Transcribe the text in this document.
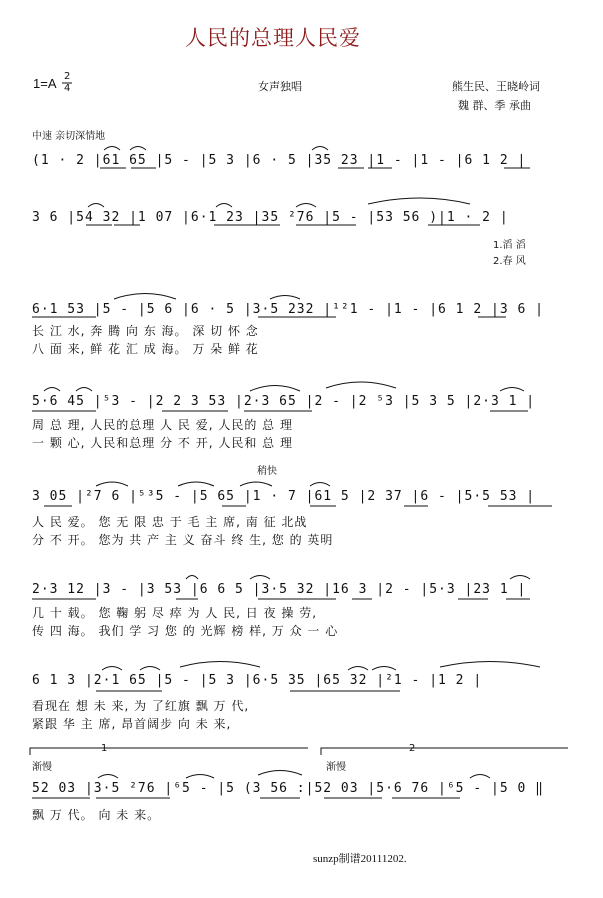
人民的总理人民爱
1=A 2
4	女声独唱	熊生民、王晓岭词
魏 群、季 承曲
中速 亲切深情地
(1 · 2 |61 65 |5 - |5 3 |6 · 5 |35 23 |1 - |1 - |6 1 2 |
3 6 |54 32 |1 07 |6·1 23 |35 ²76 |5 - |53 56 )|1 · 2 |
1.滔 滔
2.春 风
6·1 53 |5 - |5 6 |6 · 5 |3·5 232 |¹²1 - |1 - |6 1 2 |3 6 |
长 江 水, 奔 腾 向 东 海。 深 切 怀 念
八 面 来, 鲜 花 汇 成 海。 万 朵 鲜 花
5·6 45 |⁵3 - |2 2 3 53 |2·3 65 |2 - |2 ⁵3 |5 3 5 |2·3 1 |
周 总 理, 人民的总理 人 民 爱, 人民的 总 理
一 颗 心, 人民和总理 分 不 开, 人民和 总 理
稍快
3 05 |²7 6 |⁵³5 - |5 65 |1 · 7 |61 5 |2 37 |6 - |5·5 53 |
人 民 爱。 您 无 限 忠 于 毛 主 席, 南 征 北战
分 不 开。 您为 共 产 主 义 奋斗 终 生, 您 的 英明
2·3 12 |3 - |3 53 |6 6 5 |3·5 32 |16 3 |2 - |5·3 |23 1 |
几 十 载。 您 鞠 躬 尽 瘁 为 人 民, 日 夜 操 劳,
传 四 海。 我们 学 习 您 的 光辉 榜 样, 万 众 一 心
6 1 3 |2·1 65 |5 - |5 3 |6·5 35 |65 32 |²1 - |1 2 |
看现在 想 未 来, 为 了红旗 飘 万 代,
紧跟 华 主 席, 昂首阔步 向 未 来,
1	2
渐慢	渐慢
52 03 |3·5 ²76 |⁶5 - |5 (3 56 :|52 03 |5·6 76 |⁶5 - |5 0 ‖
飘 万 代。 向 未 来。
sunzp制谱20111202.
